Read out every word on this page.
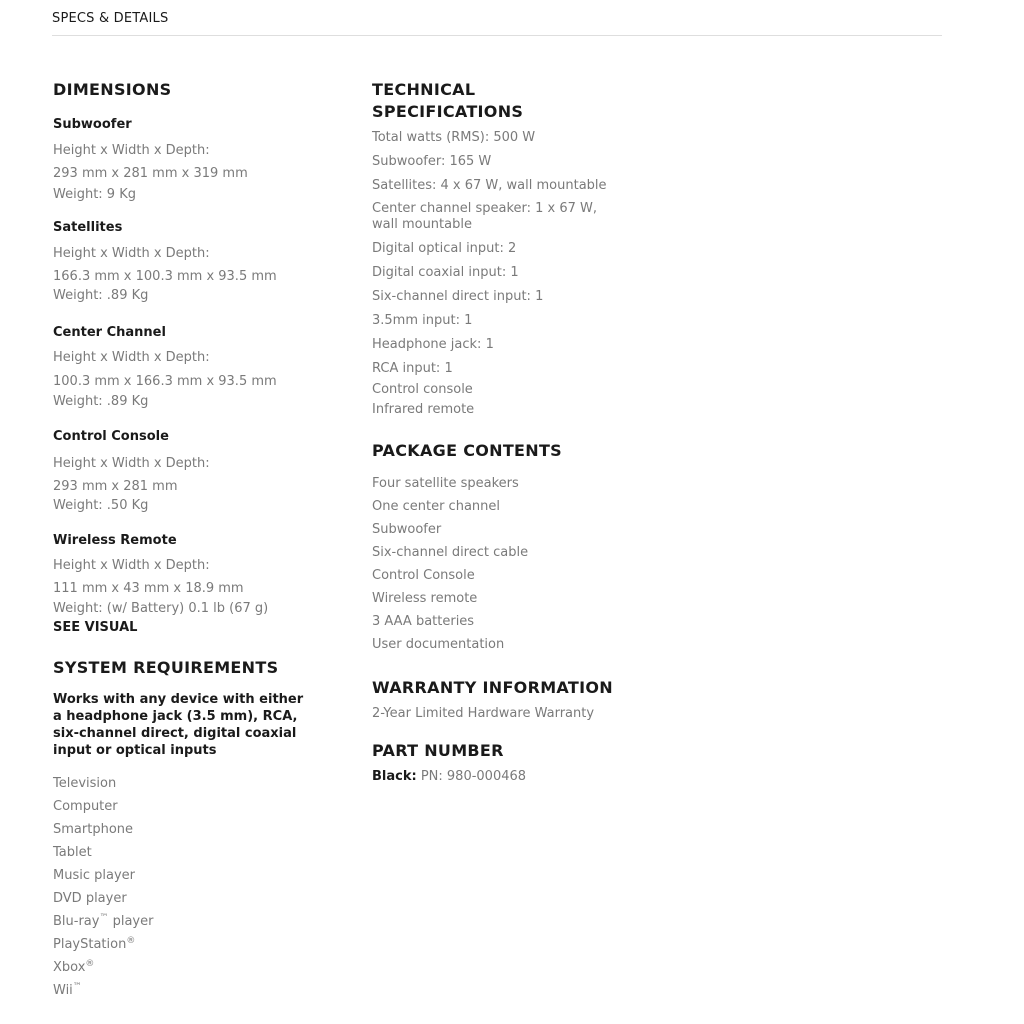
SPECS & DETAILS
DIMENSIONS

Subwoofer

Height x Width x Depth:

293 mm x 281 mm x 319 mm

Weight: 9 Kg

Satellites

Height x Width x Depth:

166.3 mm x 100.3 mm x 93.5 mm

Weight: .89 Kg

Center Channel

Height x Width x Depth:

100.3 mm x 166.3 mm x 93.5 mm

Weight: .89 Kg

Control Console

Height x Width x Depth:

293 mm x 281 mm

Weight: .50 Kg

Wireless Remote

Height x Width x Depth:

111 mm x 43 mm x 18.9 mm

Weight: (w/ Battery) 0.1 lb (67 g)

SEE VISUAL
SYSTEM REQUIREMENTS

Works with any device with either a headphone jack (3.5 mm), RCA, six-channel direct, digital coaxial input or optical inputs

Television
Computer
Smartphone
Tablet
Music player
DVD player
Blu-ray™ player
PlayStation®
Xbox®
Wii™
TECHNICAL SPECIFICATIONS
Total watts (RMS): 500 W
Subwoofer: 165 W
Satellites: 4 x 67 W, wall mountable
Center channel speaker: 1 x 67 W, wall mountable
Digital optical input: 2
Digital coaxial input: 1
Six-channel direct input: 1
3.5mm input: 1
Headphone jack: 1
RCA input: 1
Control console
Infrared remote
PACKAGE CONTENTS
Four satellite speakers
One center channel
Subwoofer
Six-channel direct cable
Control Console
Wireless remote
3 AAA batteries
User documentation
WARRANTY INFORMATION

2-Year Limited Hardware Warranty

PART NUMBER

Black: PN: 980-000468
